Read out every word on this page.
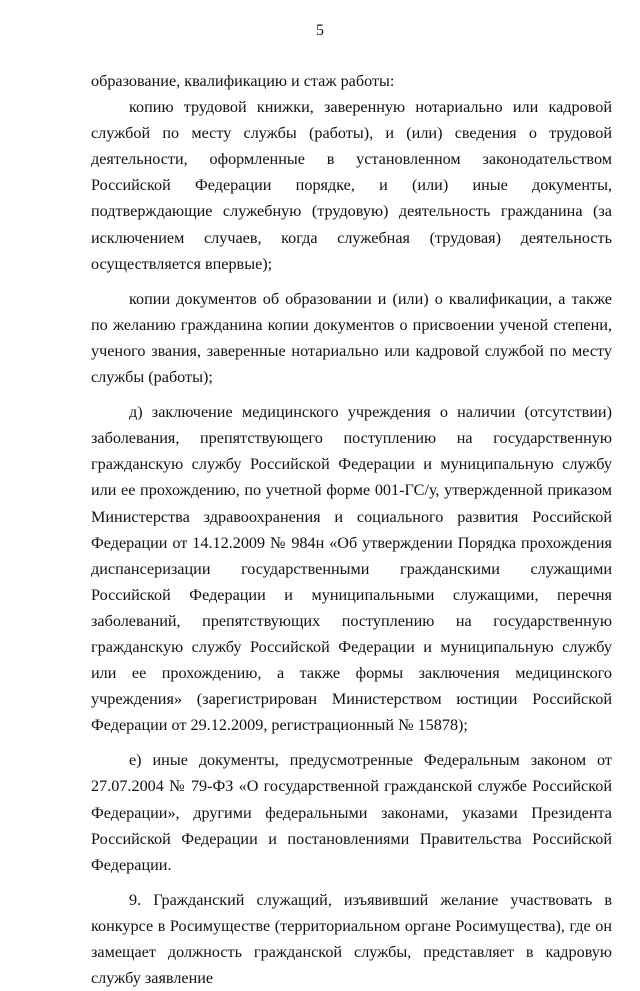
5

образование, квалификацию и стаж работы:

копию трудовой книжки, заверенную нотариально или кадровой службой по месту службы (работы), и (или) сведения о трудовой деятельности, оформленные в установленном законодательством Российской Федерации порядке, и (или) иные документы, подтверждающие служебную (трудовую) деятельность гражданина (за исключением случаев, когда служебная (трудовая) деятельность осуществляется впервые);

копии документов об образовании и (или) о квалификации, а также по желанию гражданина копии документов о присвоении ученой степени, ученого звания, заверенные нотариально или кадровой службой по месту службы (работы);

д) заключение медицинского учреждения о наличии (отсутствии) заболевания, препятствующего поступлению на государственную гражданскую службу Российской Федерации и муниципальную службу или ее прохождению, по учетной форме 001-ГС/у, утвержденной приказом Министерства здравоохранения и социального развития Российской Федерации от 14.12.2009 № 984н «Об утверждении Порядка прохождения диспансеризации государственными гражданскими служащими Российской Федерации и муниципальными служащими, перечня заболеваний, препятствующих поступлению на государственную гражданскую службу Российской Федерации и муниципальную службу или ее прохождению, а также формы заключения медицинского учреждения» (зарегистрирован Министерством юстиции Российской Федерации от 29.12.2009, регистрационный № 15878);

е) иные документы, предусмотренные Федеральным законом от 27.07.2004 № 79-ФЗ «О государственной гражданской службе Российской Федерации», другими федеральными законами, указами Президента Российской Федерации и постановлениями Правительства Российской Федерации.

9. Гражданский служащий, изъявивший желание участвовать в конкурсе в Росимуществе (территориальном органе Росимущества), где он замещает должность гражданской службы, представляет в кадровую службу заявление
